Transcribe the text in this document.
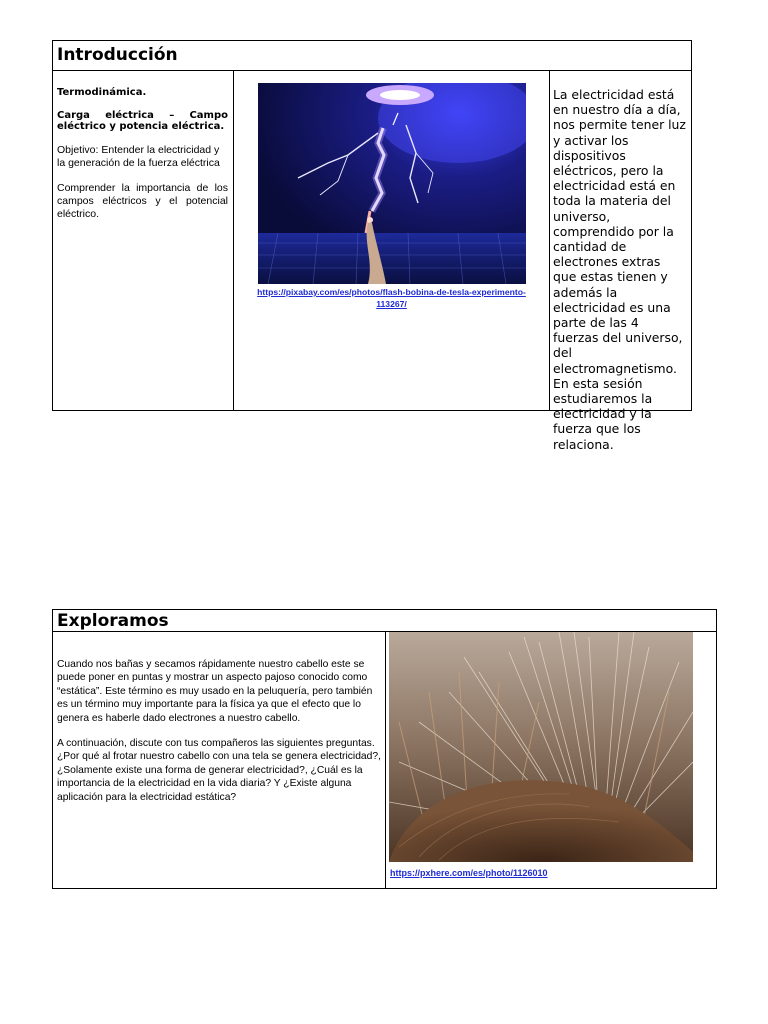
Introducción
Termodinámica.
Carga eléctrica – Campo eléctrico y potencia eléctrica.
Objetivo: Entender la electricidad y la generación de la fuerza eléctrica
Comprender la importancia de los campos eléctricos y el potencial eléctrico.
https://pixabay.com/es/photos/flash-bobina-de-tesla-experimento-113267/
La electricidad está en nuestro día a día, nos permite tener luz y activar los dispositivos eléctricos, pero la electricidad está en toda la materia del universo, comprendido por la cantidad de electrones extras que estas tienen y además la electricidad es una parte de las 4 fuerzas del universo, del electromagnetismo. En esta sesión estudiaremos la electricidad y la fuerza que los relaciona.
Exploramos
Cuando nos bañas y secamos rápidamente nuestro cabello este se puede poner en puntas y mostrar un aspecto pajoso conocido como “estática”. Este término es muy usado en la peluquería, pero también es un término muy importante para la física ya que el efecto que lo genera es haberle dado electrones a nuestro cabello.
A continuación, discute con tus compañeros las siguientes preguntas. ¿Por qué al frotar nuestro cabello con una tela se genera electricidad?, ¿Solamente existe una forma de generar electricidad?, ¿Cuál es la importancia de la electricidad en la vida diaria? Y ¿Existe alguna aplicación para la electricidad estática?
https://pxhere.com/es/photo/1126010
